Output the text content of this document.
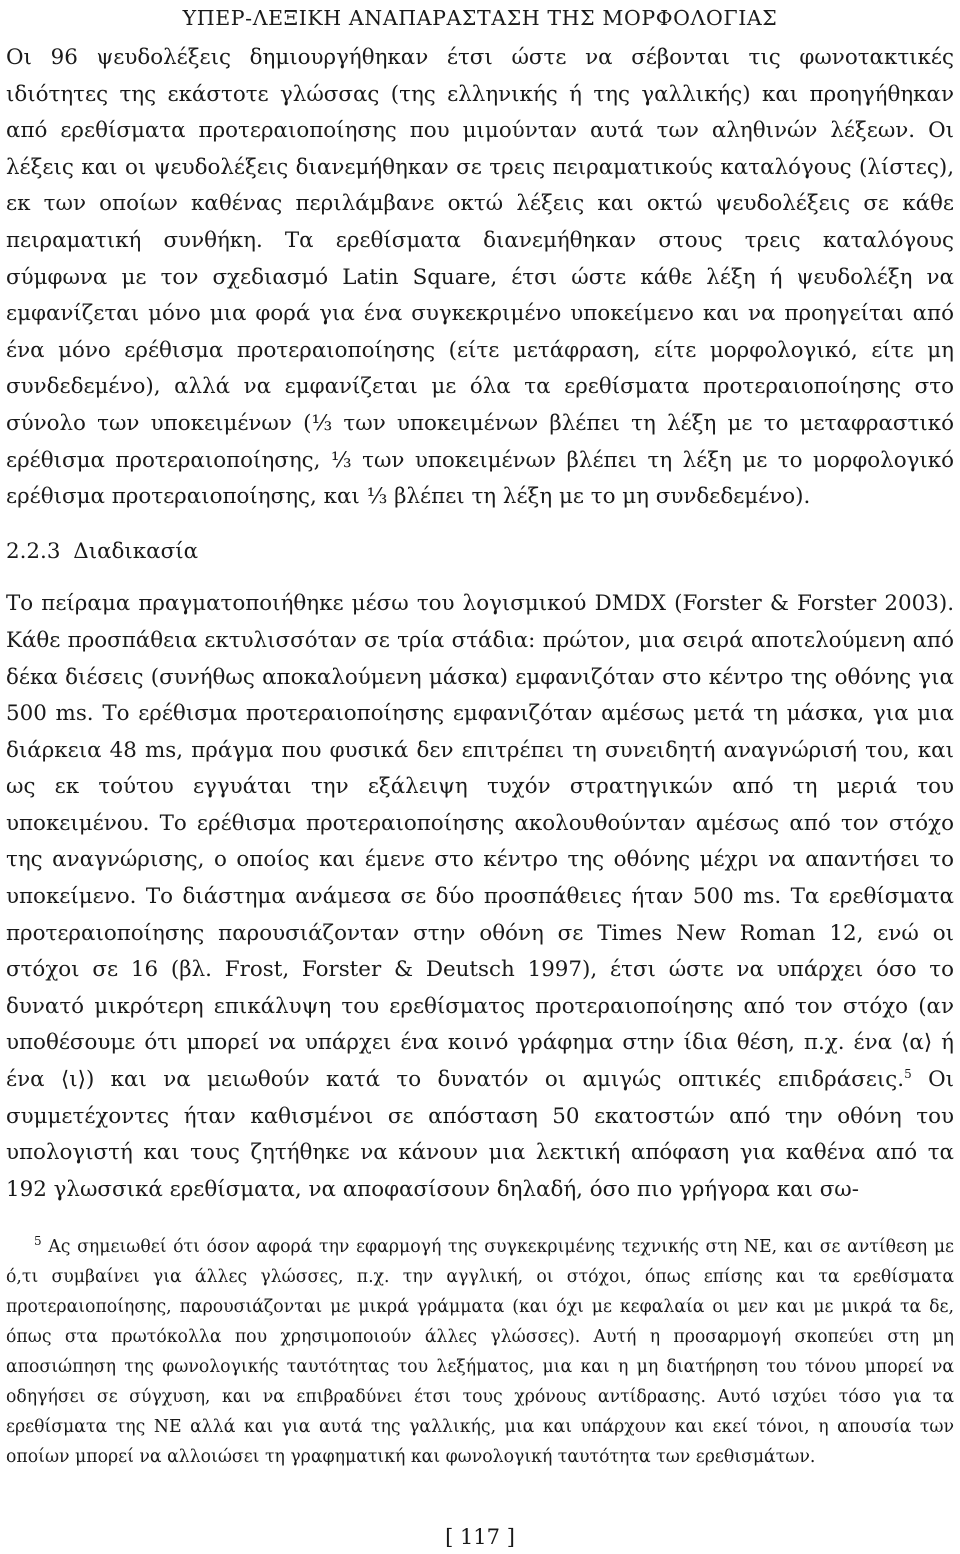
ΥΠΕΡ-ΛΕΞΙΚΗ ΑΝΑΠΑΡΑΣΤΑΣΗ ΤΗΣ ΜΟΡΦΟΛΟΓΙΑΣ

Οι 96 ψευδολέξεις δημιουργήθηκαν έτσι ώστε να σέβονται τις φωνοτακτικές ιδιότητες της εκάστοτε γλώσσας (της ελληνικής ή της γαλλικής) και προηγήθηκαν από ερεθίσματα προτεραιοποίησης που μιμούνταν αυτά των αληθινών λέξεων. Οι λέξεις και οι ψευδολέξεις διανεμήθηκαν σε τρεις πειραματικούς καταλόγους (λίστες), εκ των οποίων καθένας περιλάμβανε οκτώ λέξεις και οκτώ ψευδολέξεις σε κάθε πειραματική συνθήκη. Τα ερεθίσματα διανεμήθηκαν στους τρεις καταλόγους σύμφωνα με τον σχεδιασμό Latin Square, έτσι ώστε κάθε λέξη ή ψευδολέξη να εμφανίζεται μόνο μια φορά για ένα συγκεκριμένο υποκείμενο και να προηγείται από ένα μόνο ερέθισμα προτεραιοποίησης (είτε μετάφραση, είτε μορφολογικό, είτε μη συνδεδεμένο), αλλά να εμφανίζεται με όλα τα ερεθίσματα προτεραιοποίησης στο σύνολο των υποκειμένων (⅓ των υποκειμένων βλέπει τη λέξη με το μεταφραστικό ερέθισμα προτεραιοποίησης, ⅓ των υποκειμένων βλέπει τη λέξη με το μορφολογικό ερέθισμα προτεραιοποίησης, και ⅓ βλέπει τη λέξη με το μη συνδεδεμένο).

2.2.3 Διαδικασία

Το πείραμα πραγματοποιήθηκε μέσω του λογισμικού DMDX (Forster & Forster 2003). Κάθε προσπάθεια εκτυλισσόταν σε τρία στάδια: πρώτον, μια σειρά αποτελούμενη από δέκα διέσεις (συνήθως αποκαλούμενη μάσκα) εμφανιζόταν στο κέντρο της οθόνης για 500 ms. Το ερέθισμα προτεραιοποίησης εμφανιζόταν αμέσως μετά τη μάσκα, για μια διάρκεια 48 ms, πράγμα που φυσικά δεν επιτρέπει τη συνειδητή αναγνώρισή του, και ως εκ τούτου εγγυάται την εξάλειψη τυχόν στρατηγικών από τη μεριά του υποκειμένου. Το ερέθισμα προτεραιοποίησης ακολουθούνταν αμέσως από τον στόχο της αναγνώρισης, ο οποίος και έμενε στο κέντρο της οθόνης μέχρι να απαντήσει το υποκείμενο. Το διάστημα ανάμεσα σε δύο προσπάθειες ήταν 500 ms. Τα ερεθίσματα προτεραιοποίησης παρουσιάζονταν στην οθόνη σε Times New Roman 12, ενώ οι στόχοι σε 16 (βλ. Frost, Forster & Deutsch 1997), έτσι ώστε να υπάρχει όσο το δυνατό μικρότερη επικάλυψη του ερεθίσματος προτεραιοποίησης από τον στόχο (αν υποθέσουμε ότι μπορεί να υπάρχει ένα κοινό γράφημα στην ίδια θέση, π.χ. ένα ⟨α⟩ ή ένα ⟨ι⟩) και να μειωθούν κατά το δυνατόν οι αμιγώς οπτικές επιδράσεις.$^5$ Οι συμμετέχοντες ήταν καθισμένοι σε απόσταση 50 εκατοστών από την οθόνη του υπολογιστή και τους ζητήθηκε να κάνουν μια λεκτική απόφαση για καθένα από τα 192 γλωσσικά ερεθίσματα, να αποφασίσουν δηλαδή, όσο πιο γρήγορα και σω-

$^5$ Ας σημειωθεί ότι όσον αφορά την εφαρμογή της συγκεκριμένης τεχνικής στη ΝΕ, και σε αντίθεση με ό,τι συμβαίνει για άλλες γλώσσες, π.χ. την αγγλική, οι στόχοι, όπως επίσης και τα ερεθίσματα προτεραιοποίησης, παρουσιάζονται με μικρά γράμματα (και όχι με κεφαλαία οι μεν και με μικρά τα δε, όπως στα πρωτόκολλα που χρησιμοποιούν άλλες γλώσσες). Αυτή η προσαρμογή σκοπεύει στη μη αποσιώπηση της φωνολογικής ταυτότητας του λεξήματος, μια και η μη διατήρηση του τόνου μπορεί να οδηγήσει σε σύγχυση, και να επιβραδύνει έτσι τους χρόνους αντίδρασης. Αυτό ισχύει τόσο για τα ερεθίσματα της ΝΕ αλλά και για αυτά της γαλλικής, μια και υπάρχουν και εκεί τόνοι, η απουσία των οποίων μπορεί να αλλοιώσει τη γραφηματική και φωνολογική ταυτότητα των ερεθισμάτων.

[ 117 ]
